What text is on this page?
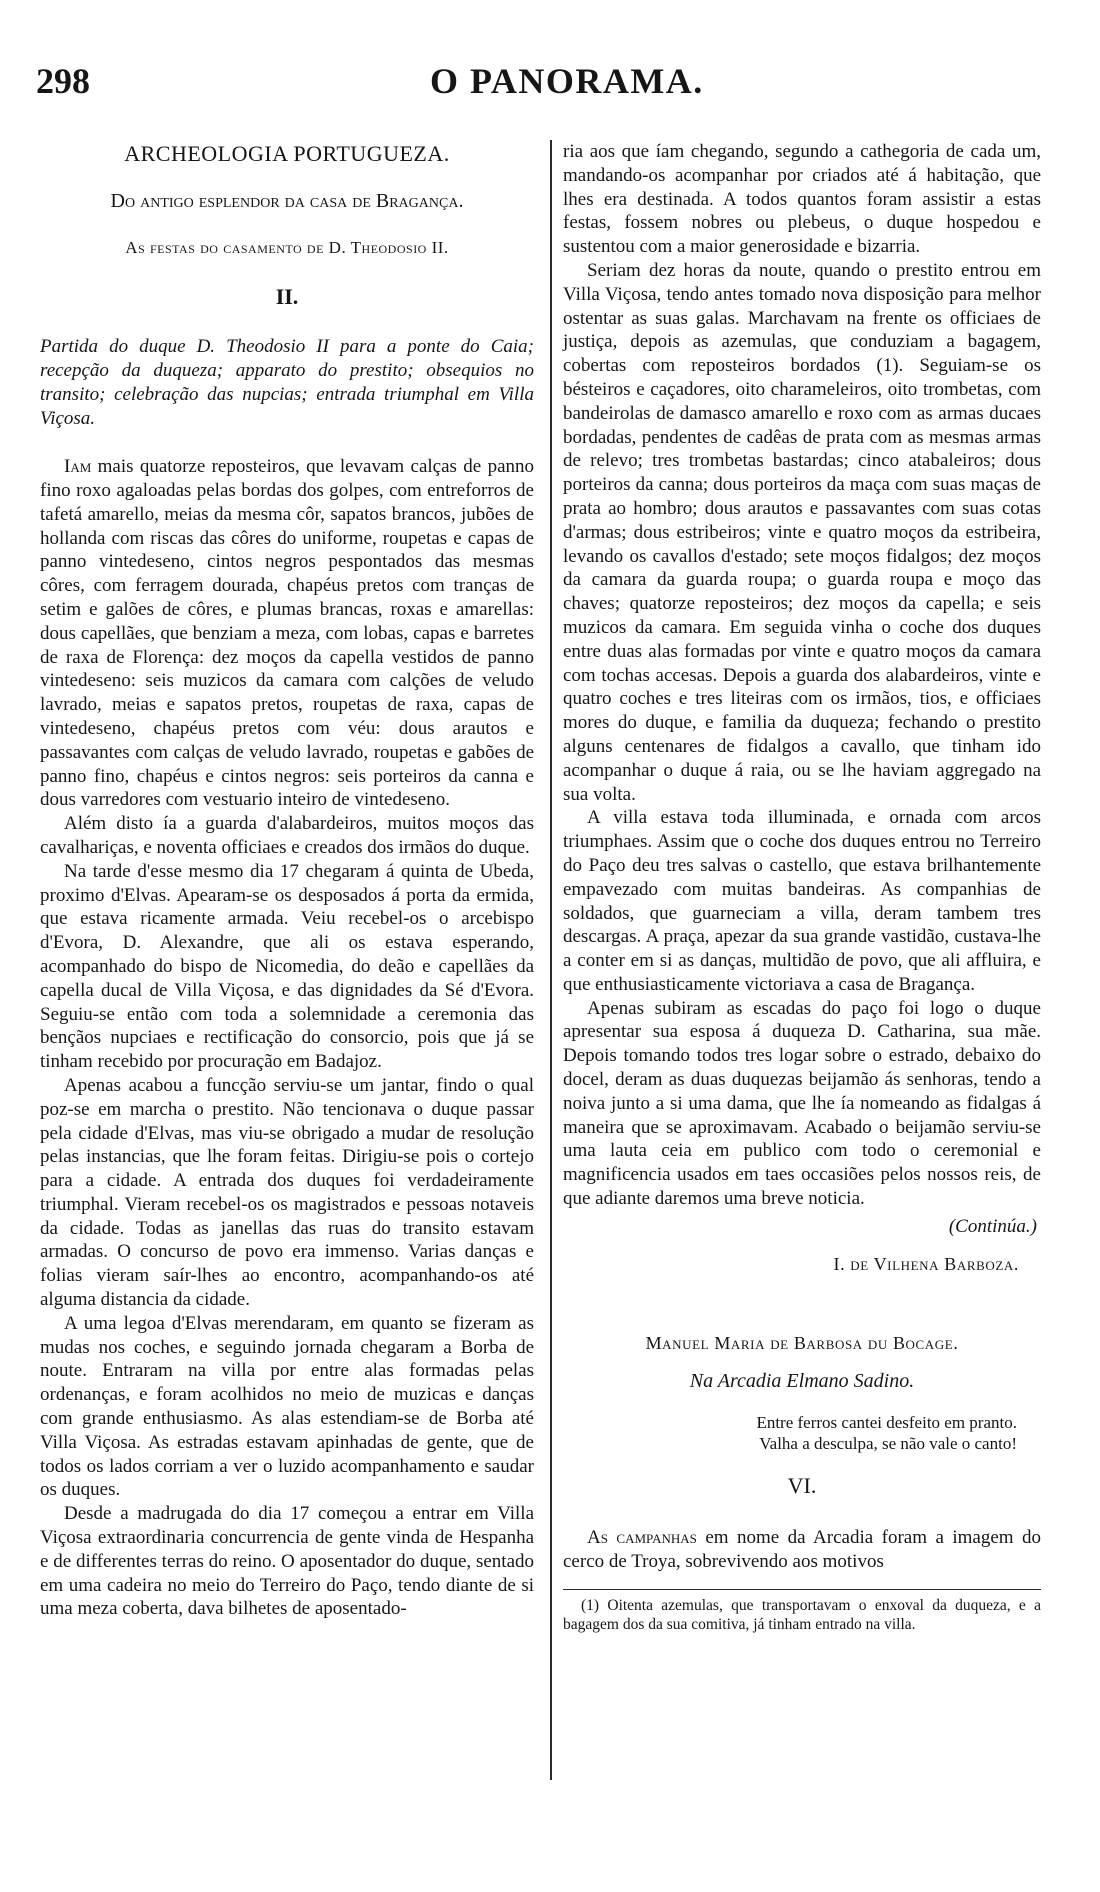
298	O PANORAMA.
ARCHEOLOGIA PORTUGUEZA.
Do antigo esplendor da casa de Bragança.
As festas do casamento de D. Theodosio II.
II.
Partida do duque D. Theodosio II para a ponte do Caia; recepção da duqueza; apparato do prestito; obsequios no transito; celebração das nupcias; entrada triumphal em Villa Viçosa.

Iam mais quatorze reposteiros, que levavam calças de panno fino roxo agaloadas pelas bordas dos golpes, com entreforros de tafetá amarello, meias da mesma côr, sapatos brancos, jubões de hollanda com riscas das côres do uniforme, roupetas e capas de panno vintedeseno, cintos negros pespontados das mesmas côres, com ferragem dourada, chapéus pretos com tranças de setim e galões de côres, e plumas brancas, roxas e amarellas: dous capellães, que benziam a meza, com lobas, capas e barretes de raxa de Florença: dez moços da capella vestidos de panno vintedeseno: seis muzicos da camara com calções de veludo lavrado, meias e sapatos pretos, roupetas de raxa, capas de vintedeseno, chapéus pretos com véu: dous arautos e passavantes com calças de veludo lavrado, roupetas e gabões de panno fino, chapéus e cintos negros: seis porteiros da canna e dous varredores com vestuario inteiro de vintedeseno.

Além disto ía a guarda d'alabardeiros, muitos moços das cavalhariças, e noventa officiaes e creados dos irmãos do duque.

Na tarde d'esse mesmo dia 17 chegaram á quinta de Ubeda, proximo d'Elvas. Apearam-se os desposados á porta da ermida, que estava ricamente armada. Veiu recebel-os o arcebispo d'Evora, D. Alexandre, que ali os estava esperando, acompanhado do bispo de Nicomedia, do deão e capellães da capella ducal de Villa Viçosa, e das dignidades da Sé d'Evora. Seguiu-se então com toda a solemnidade a ceremonia das bençãos nupciaes e rectificação do consorcio, pois que já se tinham recebido por procuração em Badajoz.

Apenas acabou a funcção serviu-se um jantar, findo o qual poz-se em marcha o prestito. Não tencionava o duque passar pela cidade d'Elvas, mas viu-se obrigado a mudar de resolução pelas instancias, que lhe foram feitas. Dirigiu-se pois o cortejo para a cidade. A entrada dos duques foi verdadeiramente triumphal. Vieram recebel-os os magistrados e pessoas notaveis da cidade. Todas as janellas das ruas do transito estavam armadas. O concurso de povo era immenso. Varias danças e folias vieram saír-lhes ao encontro, acompanhando-os até alguma distancia da cidade.

A uma legoa d'Elvas merendaram, em quanto se fizeram as mudas nos coches, e seguindo jornada chegaram a Borba de noute. Entraram na villa por entre alas formadas pelas ordenanças, e foram acolhidos no meio de muzicas e danças com grande enthusiasmo. As alas estendiam-se de Borba até Villa Viçosa. As estradas estavam apinhadas de gente, que de todos os lados corriam a ver o luzido acompanhamento e saudar os duques.

Desde a madrugada do dia 17 começou a entrar em Villa Viçosa extraordinaria concurrencia de gente vinda de Hespanha e de differentes terras do reino. O aposentador do duque, sentado em uma cadeira no meio do Terreiro do Paço, tendo diante de si uma meza coberta, dava bilhetes de aposentado-

ria aos que íam chegando, segundo a cathegoria de cada um, mandando-os acompanhar por criados até á habitação, que lhes era destinada. A todos quantos foram assistir a estas festas, fossem nobres ou plebeus, o duque hospedou e sustentou com a maior generosidade e bizarria.

Seriam dez horas da noute, quando o prestito entrou em Villa Viçosa, tendo antes tomado nova disposição para melhor ostentar as suas galas. Marchavam na frente os officiaes de justiça, depois as azemulas, que conduziam a bagagem, cobertas com reposteiros bordados (1). Seguiam-se os bésteiros e caçadores, oito charameleiros, oito trombetas, com bandeirolas de damasco amarello e roxo com as armas ducaes bordadas, pendentes de cadêas de prata com as mesmas armas de relevo; tres trombetas bastardas; cinco atabaleiros; dous porteiros da canna; dous porteiros da maça com suas maças de prata ao hombro; dous arautos e passavantes com suas cotas d'armas; dous estribeiros; vinte e quatro moços da estribeira, levando os cavallos d'estado; sete moços fidalgos; dez moços da camara da guarda roupa; o guarda roupa e moço das chaves; quatorze reposteiros; dez moços da capella; e seis muzicos da camara. Em seguida vinha o coche dos duques entre duas alas formadas por vinte e quatro moços da camara com tochas accesas. Depois a guarda dos alabardeiros, vinte e quatro coches e tres liteiras com os irmãos, tios, e officiaes mores do duque, e familia da duqueza; fechando o prestito alguns centenares de fidalgos a cavallo, que tinham ido acompanhar o duque á raia, ou se lhe haviam aggregado na sua volta.

A villa estava toda illuminada, e ornada com arcos triumphaes. Assim que o coche dos duques entrou no Terreiro do Paço deu tres salvas o castello, que estava brilhantemente empavezado com muitas bandeiras. As companhias de soldados, que guarneciam a villa, deram tambem tres descargas. A praça, apezar da sua grande vastidão, custava-lhe a conter em si as danças, multidão de povo, que ali affluira, e que enthusiasticamente victoriava a casa de Bragança.

Apenas subiram as escadas do paço foi logo o duque apresentar sua esposa á duqueza D. Catharina, sua mãe. Depois tomando todos tres logar sobre o estrado, debaixo do docel, deram as duas duquezas beijamão ás senhoras, tendo a noiva junto a si uma dama, que lhe ía nomeando as fidalgas á maneira que se aproximavam. Acabado o beijamão serviu-se uma lauta ceia em publico com todo o ceremonial e magnificencia usados em taes occasiões pelos nossos reis, de que adiante daremos uma breve noticia.

(Continúa.)
I. de Vilhena Barboza.
Manuel Maria de Barbosa du Bocage.
Na Arcadia Elmano Sadino.
Entre ferros cantei desfeito em pranto.
Valha a desculpa, se não vale o canto!
VI.

As campanhas em nome da Arcadia foram a imagem do cerco de Troya, sobrevivendo aos motivos

(1) Oitenta azemulas, que transportavam o enxoval da duqueza, e a bagagem dos da sua comitiva, já tinham entrado na villa.
